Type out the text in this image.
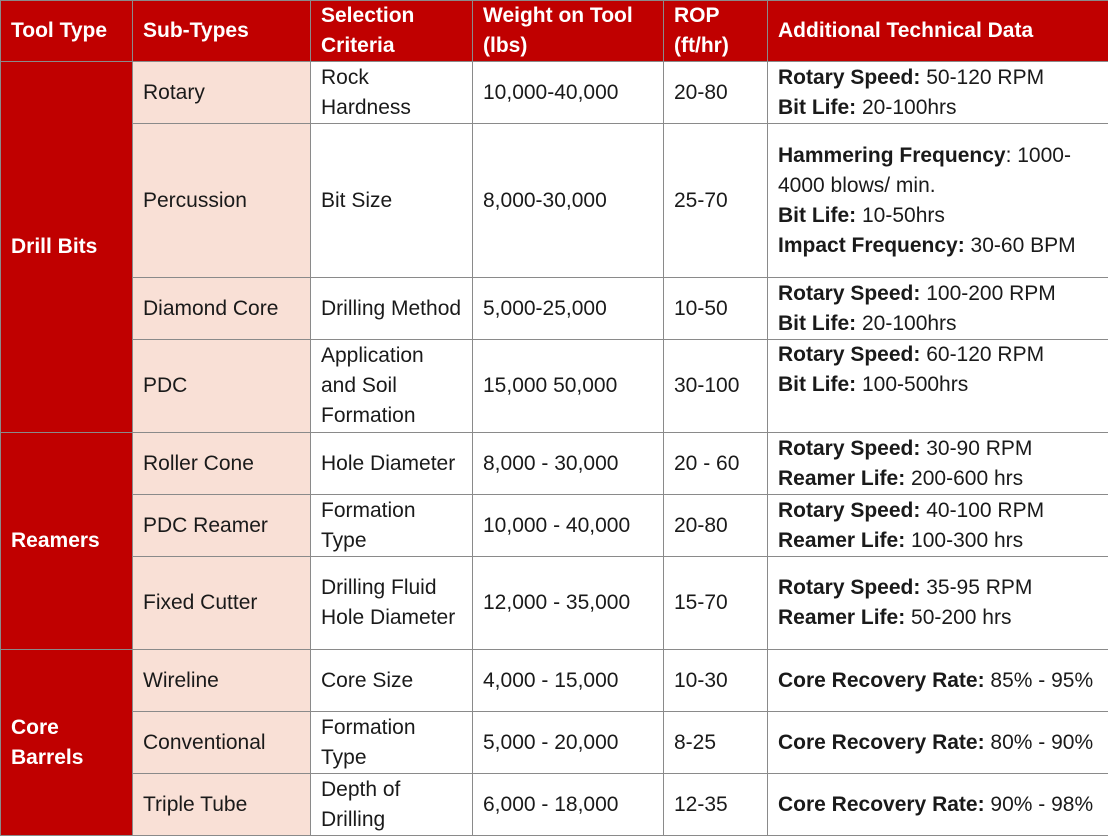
Tool Type	Sub-Types	Selection Criteria	Weight on Tool (lbs)	ROP (ft/hr)	Additional Technical Data
Drill Bits	Rotary	Rock Hardness	10,000-40,000	20-80	Rotary Speed: 50-120 RPM
Bit Life: 20-100hrs
	Percussion	Bit Size	8,000-30,000	25-70	Hammering Frequency: 1000-4000 blows/ min.
Bit Life: 10-50hrs
Impact Frequency: 30-60 BPM
	Diamond Core	Drilling Method	5,000-25,000	10-50	Rotary Speed: 100-200 RPM
Bit Life: 20-100hrs
	PDC	Application and Soil Formation	15,000 50,000	30-100	Rotary Speed: 60-120 RPM
Bit Life: 100-500hrs
Reamers	Roller Cone	Hole Diameter	8,000 - 30,000	20 - 60	Rotary Speed: 30-90 RPM
Reamer Life: 200-600 hrs
	PDC Reamer	Formation Type	10,000 - 40,000	20-80	Rotary Speed: 40-100 RPM
Reamer Life: 100-300 hrs
	Fixed Cutter	Drilling Fluid Hole Diameter	12,000 - 35,000	15-70	Rotary Speed: 35-95 RPM
Reamer Life: 50-200 hrs
Core Barrels	Wireline	Core Size	4,000 - 15,000	10-30	Core Recovery Rate: 85% - 95%
	Conventional	Formation Type	5,000 - 20,000	8-25	Core Recovery Rate: 80% - 90%
	Triple Tube	Depth of Drilling	6,000 - 18,000	12-35	Core Recovery Rate: 90% - 98%
